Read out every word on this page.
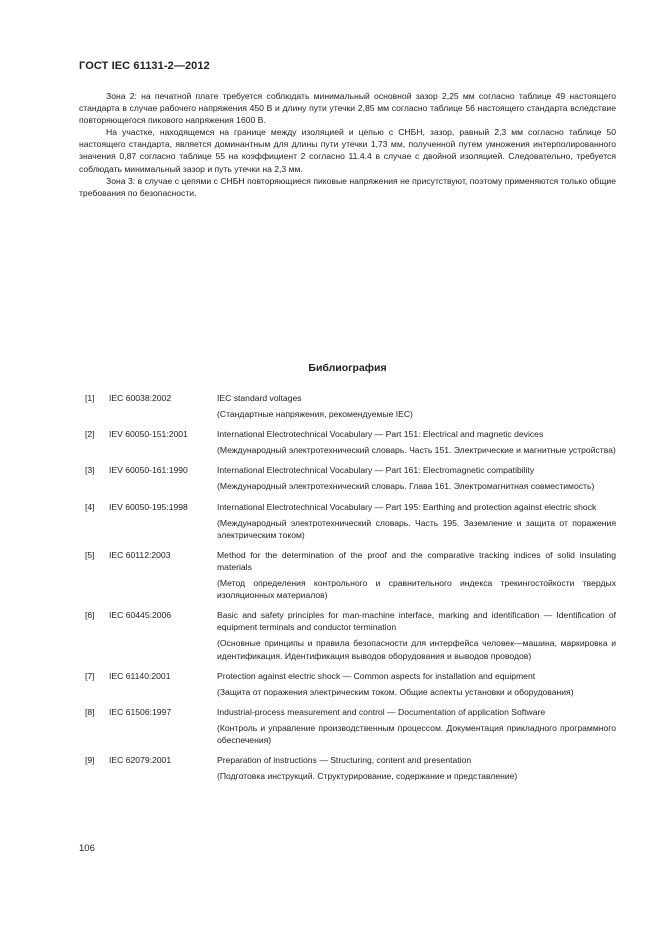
ГОСТ IEC 61131-2—2012

Зона 2: на печатной плате требуется соблюдать минимальный основной зазор 2,25 мм согласно таблице 49 настоящего стандарта в случае рабочего напряжения 450 В и длину пути утечки 2,85 мм согласно таблице 56 настоящего стандарта вследствие повторяющегося пикового напряжения 1600 В.

На участке, находящемся на границе между изоляцией и цепью с СНБН, зазор, равный 2,3 мм согласно таблице 50 настоящего стандарта, является доминантным для длины пути утечки 1,73 мм, полученной путем умножения интерполированного значения 0,87 согласно таблице 55 на коэффициент 2 согласно 11.4.4 в случае с двойной изоляцией. Следовательно, требуется соблюдать минимальный зазор и путь утечки на 2,3 мм.

Зона 3: в случае с цепями с СНБН повторяющиеся пиковые напряжения не присутствуют, поэтому применяются только общие требования по безопасности.

Библиография
[1]	IEC 60038:2002	IEC standard voltages
(Стандартные напряжения, рекомендуемые IEC)
[2]	IEV 60050-151:2001	International Electrotechnical Vocabulary — Part 151: Electrical and magnetic devices
(Международный электротехнический словарь. Часть 151. Электрические и магнитные устройства)
[3]	IEV 60050-161:1990	International Electrotechnical Vocabulary — Part 161: Electromagnetic compatibility
(Международный электротехнический словарь. Глава 161. Электромагнитная совместимость)
[4]	IEV 60050-195:1998	International Electrotechnical Vocabulary — Part 195: Earthing and protection against electric shock
(Международный электротехнический словарь. Часть 195. Заземление и защита от поражения электрическим током)
[5]	IEC 60112:2003	Method for the determination of the proof and the comparative tracking indices of solid insulating materials
(Метод определения контрольного и сравнительного индекса трекингостойкости твердых изоляционных материалов)
[6]	IEC 60445:2006	Basic and safety principles for man-machine interface, marking and identification — Identification of equipment terminals and conductor termination
(Основные принципы и правила безопасности для интерфейса человек—машина, маркировка и идентификация. Идентификация выводов оборудования и выводов проводов)
[7]	IEC 61140:2001	Protection against electric shock — Common aspects for installation and equipment
(Защита от поражения электрическим током. Общие аспекты установки и оборудования)
[8]	IEC 61506:1997	Industrial-process measurement and control — Documentation of application Software
(Контроль и управление производственным процессом. Документация прикладного программного обеспечения)
[9]	IEC 62079:2001	Preparation of instructions — Structuring, content and presentation
(Подготовка инструкций. Структурирование, содержание и представление)
106
